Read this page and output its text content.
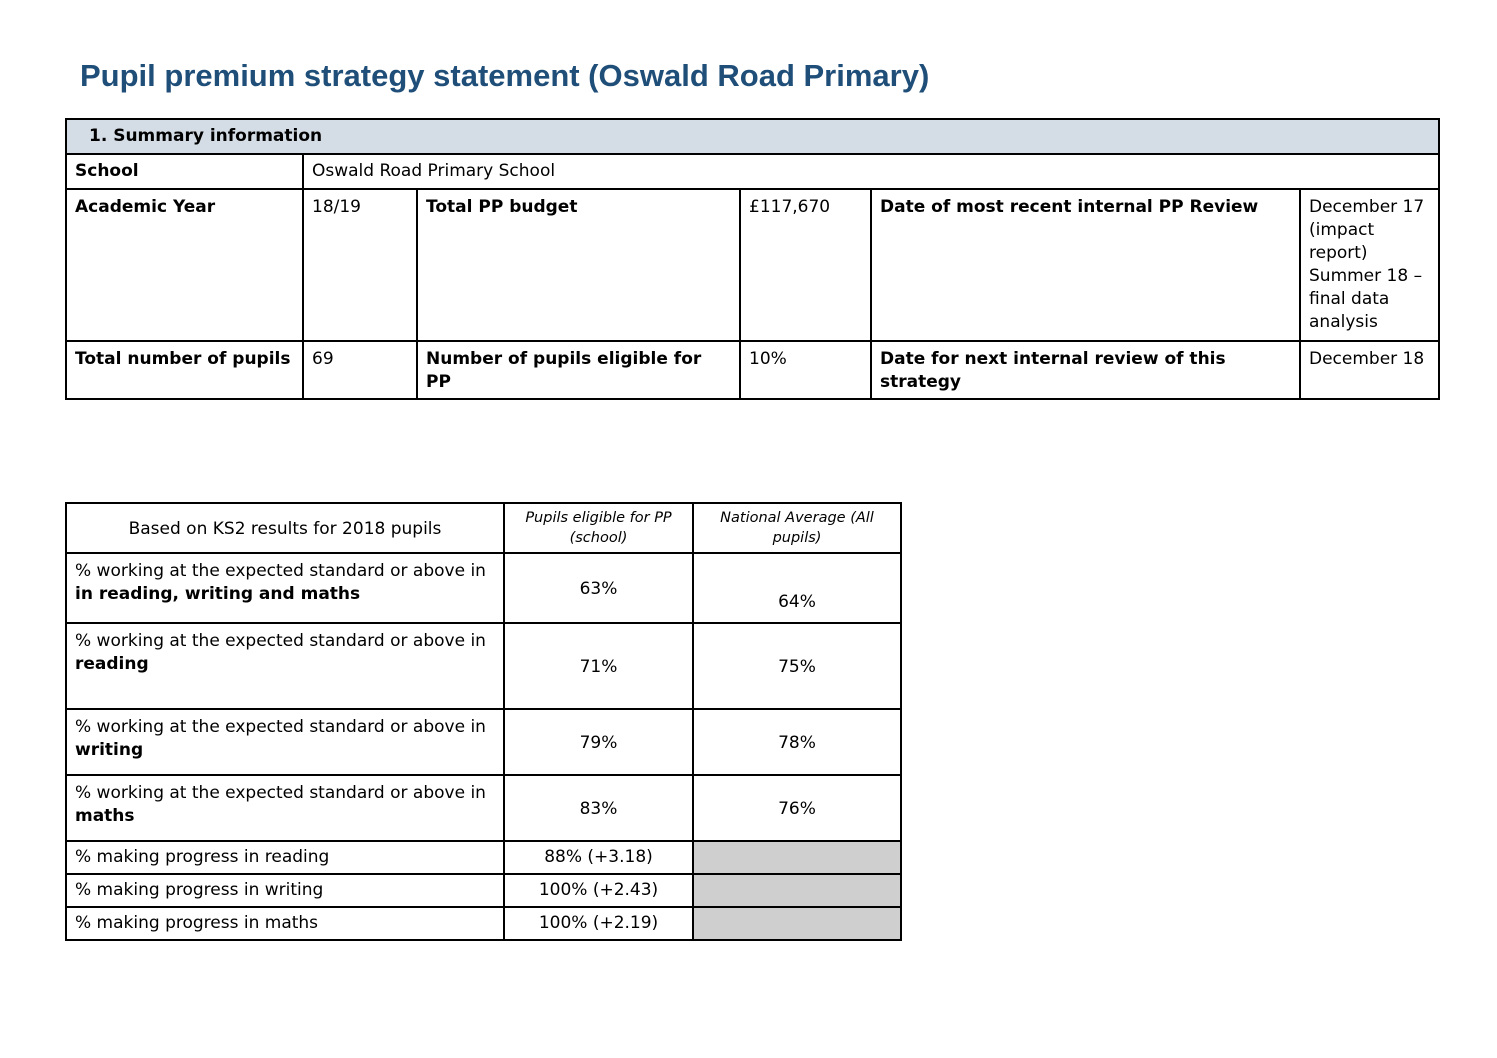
Pupil premium strategy statement (Oswald Road Primary)
1. Summary information					
School	Oswald Road Primary School				
Academic Year	18/19	Total PP budget	£117,670	Date of most recent internal PP Review	December 17 (impact report)
Summer 18 – final data analysis

Total number of pupils	69	Number of pupils eligible for PP	10%	Date for next internal review of this strategy	December 18
Based on KS2 results for 2018 pupils	Pupils eligible for PP (school)	National Average (All pupils)
% working at the expected standard or above in
in reading, writing and maths	63%	64%
% working at the expected standard or above in
reading	71%	75%
% working at the expected standard or above in
writing	79%	78%
% working at the expected standard or above in
maths	83%	76%
% making progress in reading	88% (+3.18)	
% making progress in writing	100% (+2.43)	
% making progress in maths	100% (+2.19)	
